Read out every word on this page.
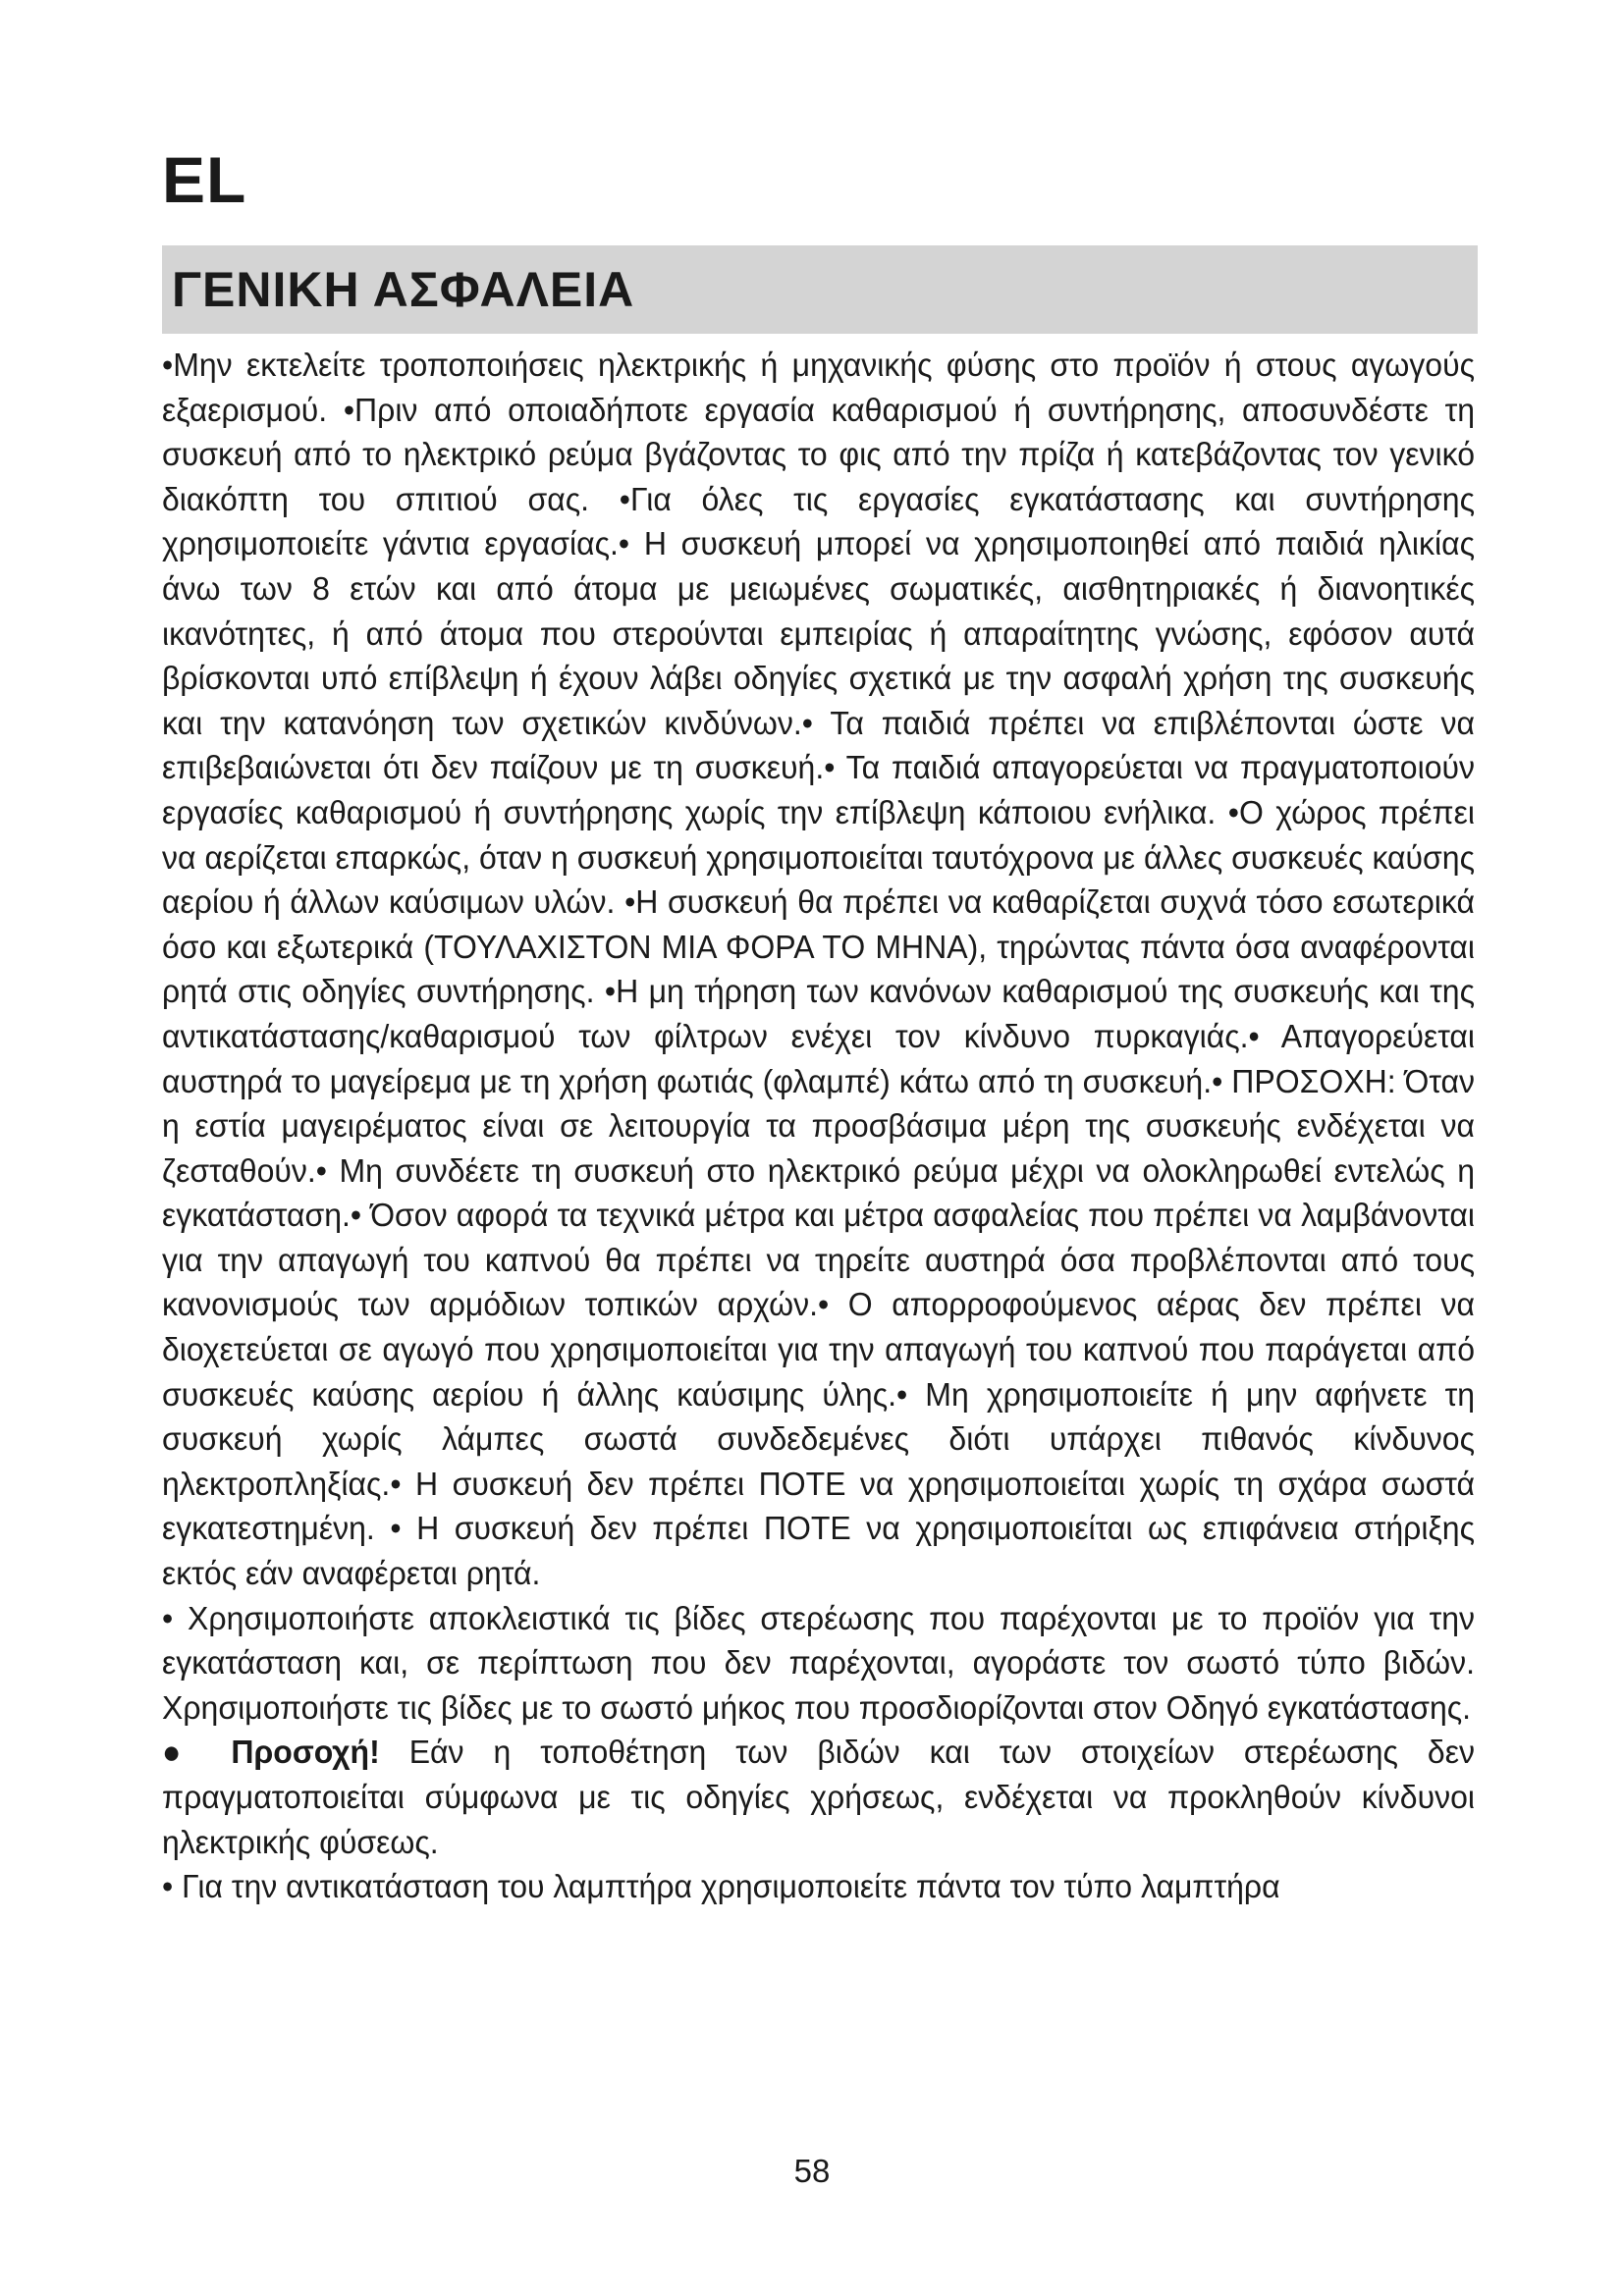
EL
ΓΕΝΙΚΗ ΑΣΦΑΛΕΙΑ

•Μην εκτελείτε τροποποιήσεις ηλεκτρικής ή μηχανικής φύσης στο προϊόν ή στους αγωγούς εξαερισμού. •Πριν από οποιαδήποτε εργασία καθαρισμού ή συντήρησης, αποσυνδέστε τη συσκευή από το ηλεκτρικό ρεύμα βγάζοντας το φις από την πρίζα ή κατεβάζοντας τον γενικό διακόπτη του σπιτιού σας. •Για όλες τις εργασίες εγκατάστασης και συντήρησης χρησιμοποιείτε γάντια εργασίας.• Η συσκευή μπορεί να χρησιμοποιηθεί από παιδιά ηλικίας άνω των 8 ετών και από άτομα με μειωμένες σωματικές, αισθητηριακές ή διανοητικές ικανότητες, ή από άτομα που στερούνται εμπειρίας ή απαραίτητης γνώσης, εφόσον αυτά βρίσκονται υπό επίβλεψη ή έχουν λάβει οδηγίες σχετικά με την ασφαλή χρήση της συσκευής και την κατανόηση των σχετικών κινδύνων.• Τα παιδιά πρέπει να επιβλέπονται ώστε να επιβεβαιώνεται ότι δεν παίζουν με τη συσκευή.• Τα παιδιά απαγορεύεται να πραγματοποιούν εργασίες καθαρισμού ή συντήρησης χωρίς την επίβλεψη κάποιου ενήλικα. •Ο χώρος πρέπει να αερίζεται επαρκώς, όταν η συσκευή χρησιμοποιείται ταυτόχρονα με άλλες συσκευές καύσης αερίου ή άλλων καύσιμων υλών. •Η συσκευή θα πρέπει να καθαρίζεται συχνά τόσο εσωτερικά όσο και εξωτερικά (ΤΟΥΛΑΧΙΣΤΟΝ ΜΙΑ ΦΟΡΑ ΤΟ ΜΗΝΑ), τηρώντας πάντα όσα αναφέρονται ρητά στις οδηγίες συντήρησης. •Η μη τήρηση των κανόνων καθαρισμού της συσκευής και της αντικατάστασης/καθαρισμού των φίλτρων ενέχει τον κίνδυνο πυρκαγιάς.• Απαγορεύεται αυστηρά το μαγείρεμα με τη χρήση φωτιάς (φλαμπέ) κάτω από τη συσκευή.• ΠΡΟΣΟΧΗ: Όταν η εστία μαγειρέματος είναι σε λειτουργία τα προσβάσιμα μέρη της συσκευής ενδέχεται να ζεσταθούν.• Μη συνδέετε τη συσκευή στο ηλεκτρικό ρεύμα μέχρι να ολοκληρωθεί εντελώς η εγκατάσταση.• Όσον αφορά τα τεχνικά μέτρα και μέτρα ασφαλείας που πρέπει να λαμβάνονται για την απαγωγή του καπνού θα πρέπει να τηρείτε αυστηρά όσα προβλέπονται από τους κανονισμούς των αρμόδιων τοπικών αρχών.• Ο απορροφούμενος αέρας δεν πρέπει να διοχετεύεται σε αγωγό που χρησιμοποιείται για την απαγωγή του καπνού που παράγεται από συσκευές καύσης αερίου ή άλλης καύσιμης ύλης.• Μη χρησιμοποιείτε ή μην αφήνετε τη συσκευή χωρίς λάμπες σωστά συνδεδεμένες διότι υπάρχει πιθανός κίνδυνος ηλεκτροπληξίας.• Η συσκευή δεν πρέπει ΠΟΤΕ να χρησιμοποιείται χωρίς τη σχάρα σωστά εγκατεστημένη. • Η συσκευή δεν πρέπει ΠΟΤΕ να χρησιμοποιείται ως επιφάνεια στήριξης εκτός εάν αναφέρεται ρητά.

• Χρησιμοποιήστε αποκλειστικά τις βίδες στερέωσης που παρέχονται με το προϊόν για την εγκατάσταση και, σε περίπτωση που δεν παρέχονται, αγοράστε τον σωστό τύπο βιδών. Χρησιμοποιήστε τις βίδες με το σωστό μήκος που προσδιορίζονται στον Οδηγό εγκατάστασης.

● Προσοχή! Εάν η τοποθέτηση των βιδών και των στοιχείων στερέωσης δεν πραγματοποιείται σύμφωνα με τις οδηγίες χρήσεως, ενδέχεται να προκληθούν κίνδυνοι ηλεκτρικής φύσεως.

• Για την αντικατάσταση του λαμπτήρα χρησιμοποιείτε πάντα τον τύπο λαμπτήρα

58
